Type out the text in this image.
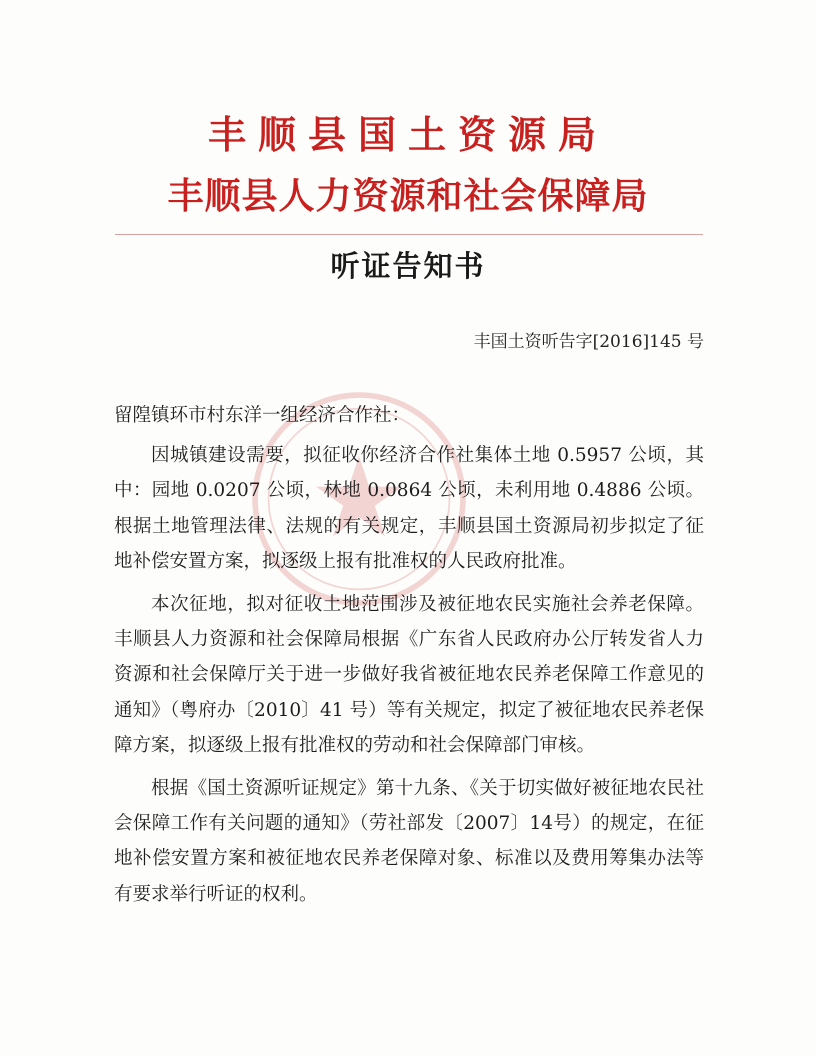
丰顺县国土资源局
丰顺县人力资源和社会保障局
听证告知书
丰国土资听告字[2016]145 号

留隍镇环市村东洋一组经济合作社：

因城镇建设需要，拟征收你经济合作社集体土地 0.5957 公顷，其中：园地 0.0207 公顷，林地 0.0864 公顷，未利用地 0.4886 公顷。根据土地管理法律、法规的有关规定，丰顺县国土资源局初步拟定了征地补偿安置方案，拟逐级上报有批准权的人民政府批准。

本次征地，拟对征收土地范围涉及被征地农民实施社会养老保障。丰顺县人力资源和社会保障局根据《广东省人民政府办公厅转发省人力资源和社会保障厅关于进一步做好我省被征地农民养老保障工作意见的通知》（粤府办〔2010〕41 号）等有关规定，拟定了被征地农民养老保障方案，拟逐级上报有批准权的劳动和社会保障部门审核。

根据《国土资源听证规定》第十九条、《关于切实做好被征地农民社会保障工作有关问题的通知》（劳社部发〔2007〕14号）的规定，在征地补偿安置方案和被征地农民养老保障对象、标准以及费用筹集办法等有要求举行听证的权利。
